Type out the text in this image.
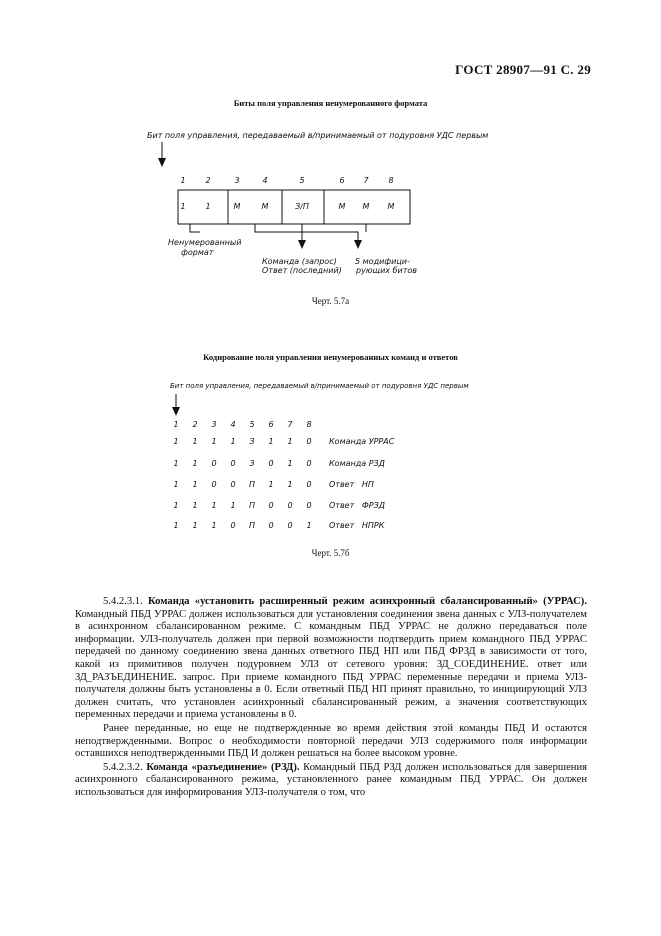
ГОСТ 28907—91 С. 29
Биты поля управления ненумерованного формата
Бит поля управления, передаваемый в/принимаемый от подуровня УДС первым
1	2	3	4	5	6	7	8
1	1	М	М	З/П	М	М	М
Ненумерованный
формат
Команда (запрос)
Ответ (последний)
5 модифици-
рующих битов
Черт. 5.7а
Кодирование поля управления ненумерованных команд и ответов
Бит поля управления, передаваемый в/принимаемый от подуровня УДС первым
1	2	3	4	5	6	7	8
1	1	1	1	З	1	1	0	Команда УРРАС
1	1	0	0	З	0	1	0	Команда РЗД
1	1	0	0	П	1	1	0	Ответ   НП
1	1	1	1	П	0	0	0	Ответ   ФРЗД
1	1	1	0	П	0	0	1	Ответ   НПРК
Черт. 5.7б

5.4.2.3.1. Команда «установить расширенный режим асинхронный сбалансированный» (УРРАС). Командный ПБД УРРАС должен использоваться для установления соединения звена данных с УЛЗ-получателем в асинхронном сбалансированном режиме. С командным ПБД УРРАС не должно передаваться поле информации. УЛЗ-получатель должен при первой возможности подтвердить прием командного ПБД УРРАС передачей по данному соединению звена данных ответного ПБД НП или ПБД ФРЗД в зависимости от того, какой из примитивов получен подуровнем УЛЗ от сетевого уровня: ЗД_СОЕДИНЕНИЕ. ответ или ЗД_РАЗЪЕДИНЕНИЕ. запрос. При приеме командного ПБД УРРАС переменные передачи и приема УЛЗ-получателя должны быть установлены в 0. Если ответный ПБД НП принят правильно, то инициирующий УЛЗ должен считать, что установлен асинхронный сбалансированный режим, а значения соответствующих переменных передачи и приема установлены в 0.

Ранее переданные, но еще не подтвержденные во время действия этой команды ПБД И остаются неподтвержденными. Вопрос о необходимости повторной передачи УЛЗ содержимого поля информации оставшихся неподтвержденными ПБД И должен решаться на более высоком уровне.

5.4.2.3.2. Команда «разъединение» (РЗД). Командный ПБД РЗД должен использоваться для завершения асинхронного сбалансированного режима, установленного ранее командным ПБД УРРАС. Он должен использоваться для информирования УЛЗ-получателя о том, что
